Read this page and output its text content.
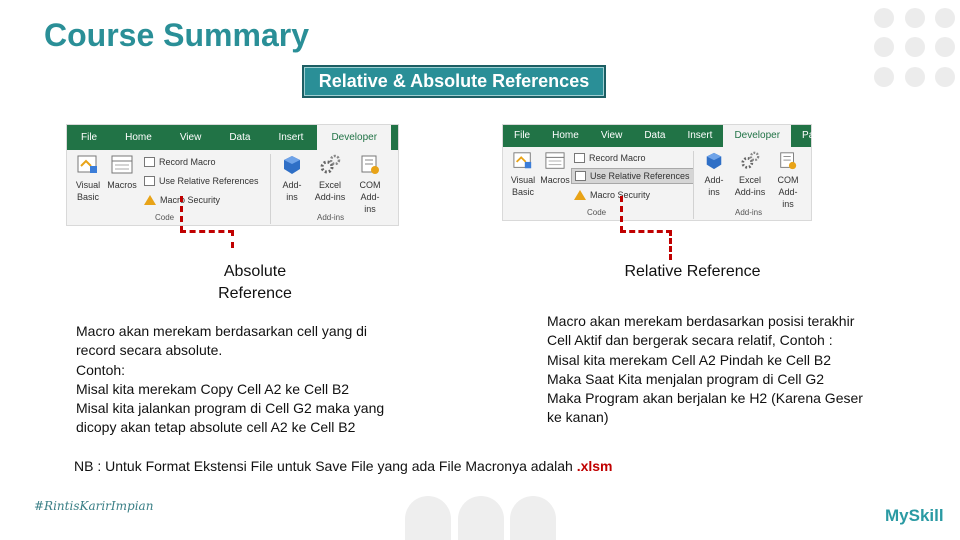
Course Summary
Relative & Absolute References
File	Home	View	Data	Insert	Developer	Page La
Visual Basic
Macros
Record Macro
Use Relative References
Macro Security
Code
Add-ins
Excel Add-ins
COM Add-ins
Add-ins
Absolute
Reference
File	Home	View	Data	Insert	Developer	Page La
Visual Basic
Macros
Record Macro
Use Relative References
Macro Security
Code
Add-ins
Excel Add-ins
COM Add-ins
Add-ins
Relative Reference
Macro akan merekam berdasarkan cell yang di
record secara absolute.
Contoh:
Misal kita merekam Copy Cell A2 ke Cell B2
Misal kita jalankan program di Cell G2 maka yang
dicopy akan tetap absolute cell A2 ke Cell B2
Macro akan merekam berdasarkan posisi terakhir
Cell Aktif dan bergerak secara relatif, Contoh :
Misal kita merekam Cell A2 Pindah ke Cell B2
Maka Saat Kita menjalan program di Cell G2
Maka Program akan berjalan ke H2 (Karena Geser
ke kanan)
NB : Untuk Format Ekstensi File untuk Save File yang ada File Macronya adalah .xlsm
#RintisKarirImpian	MySkill
